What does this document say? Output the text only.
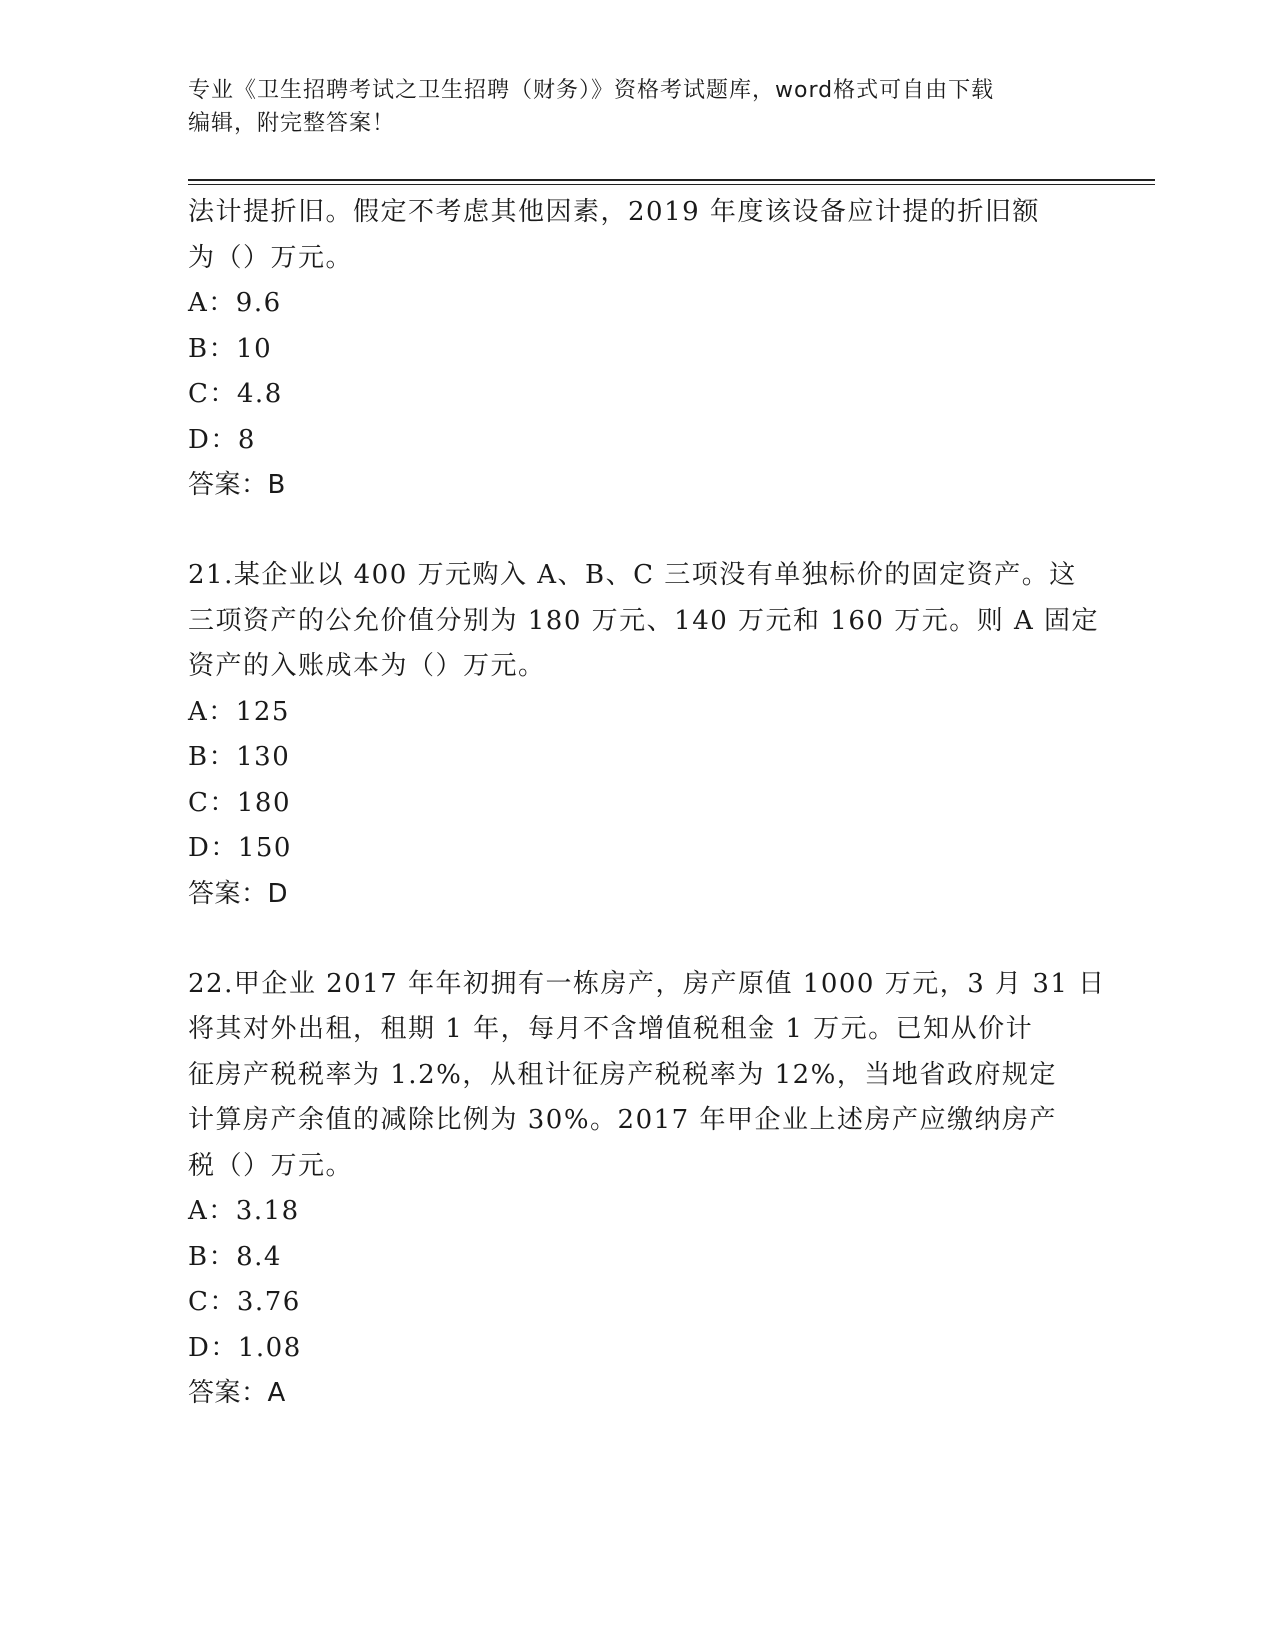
专业《卫生招聘考试之卫生招聘（财务）》资格考试题库，word格式可自由下载
编辑，附完整答案！
法计提折旧。假定不考虑其他因素，2019 年度该设备应计提的折旧额
为（）万元。
A：9.6
B：10
C：4.8
D：8
答案：B
21.某企业以 400 万元购入 A、B、C 三项没有单独标价的固定资产。这
三项资产的公允价值分别为 180 万元、140 万元和 160 万元。则 A 固定
资产的入账成本为（）万元。
A：125
B：130
C：180
D：150
答案：D
22.甲企业 2017 年年初拥有一栋房产，房产原值 1000 万元，3 月 31 日
将其对外出租，租期 1 年，每月不含增值税租金 1 万元。已知从价计
征房产税税率为 1.2%，从租计征房产税税率为 12%，当地省政府规定
计算房产余值的减除比例为 30%。2017 年甲企业上述房产应缴纳房产
税（）万元。
A：3.18
B：8.4
C：3.76
D：1.08
答案：A
